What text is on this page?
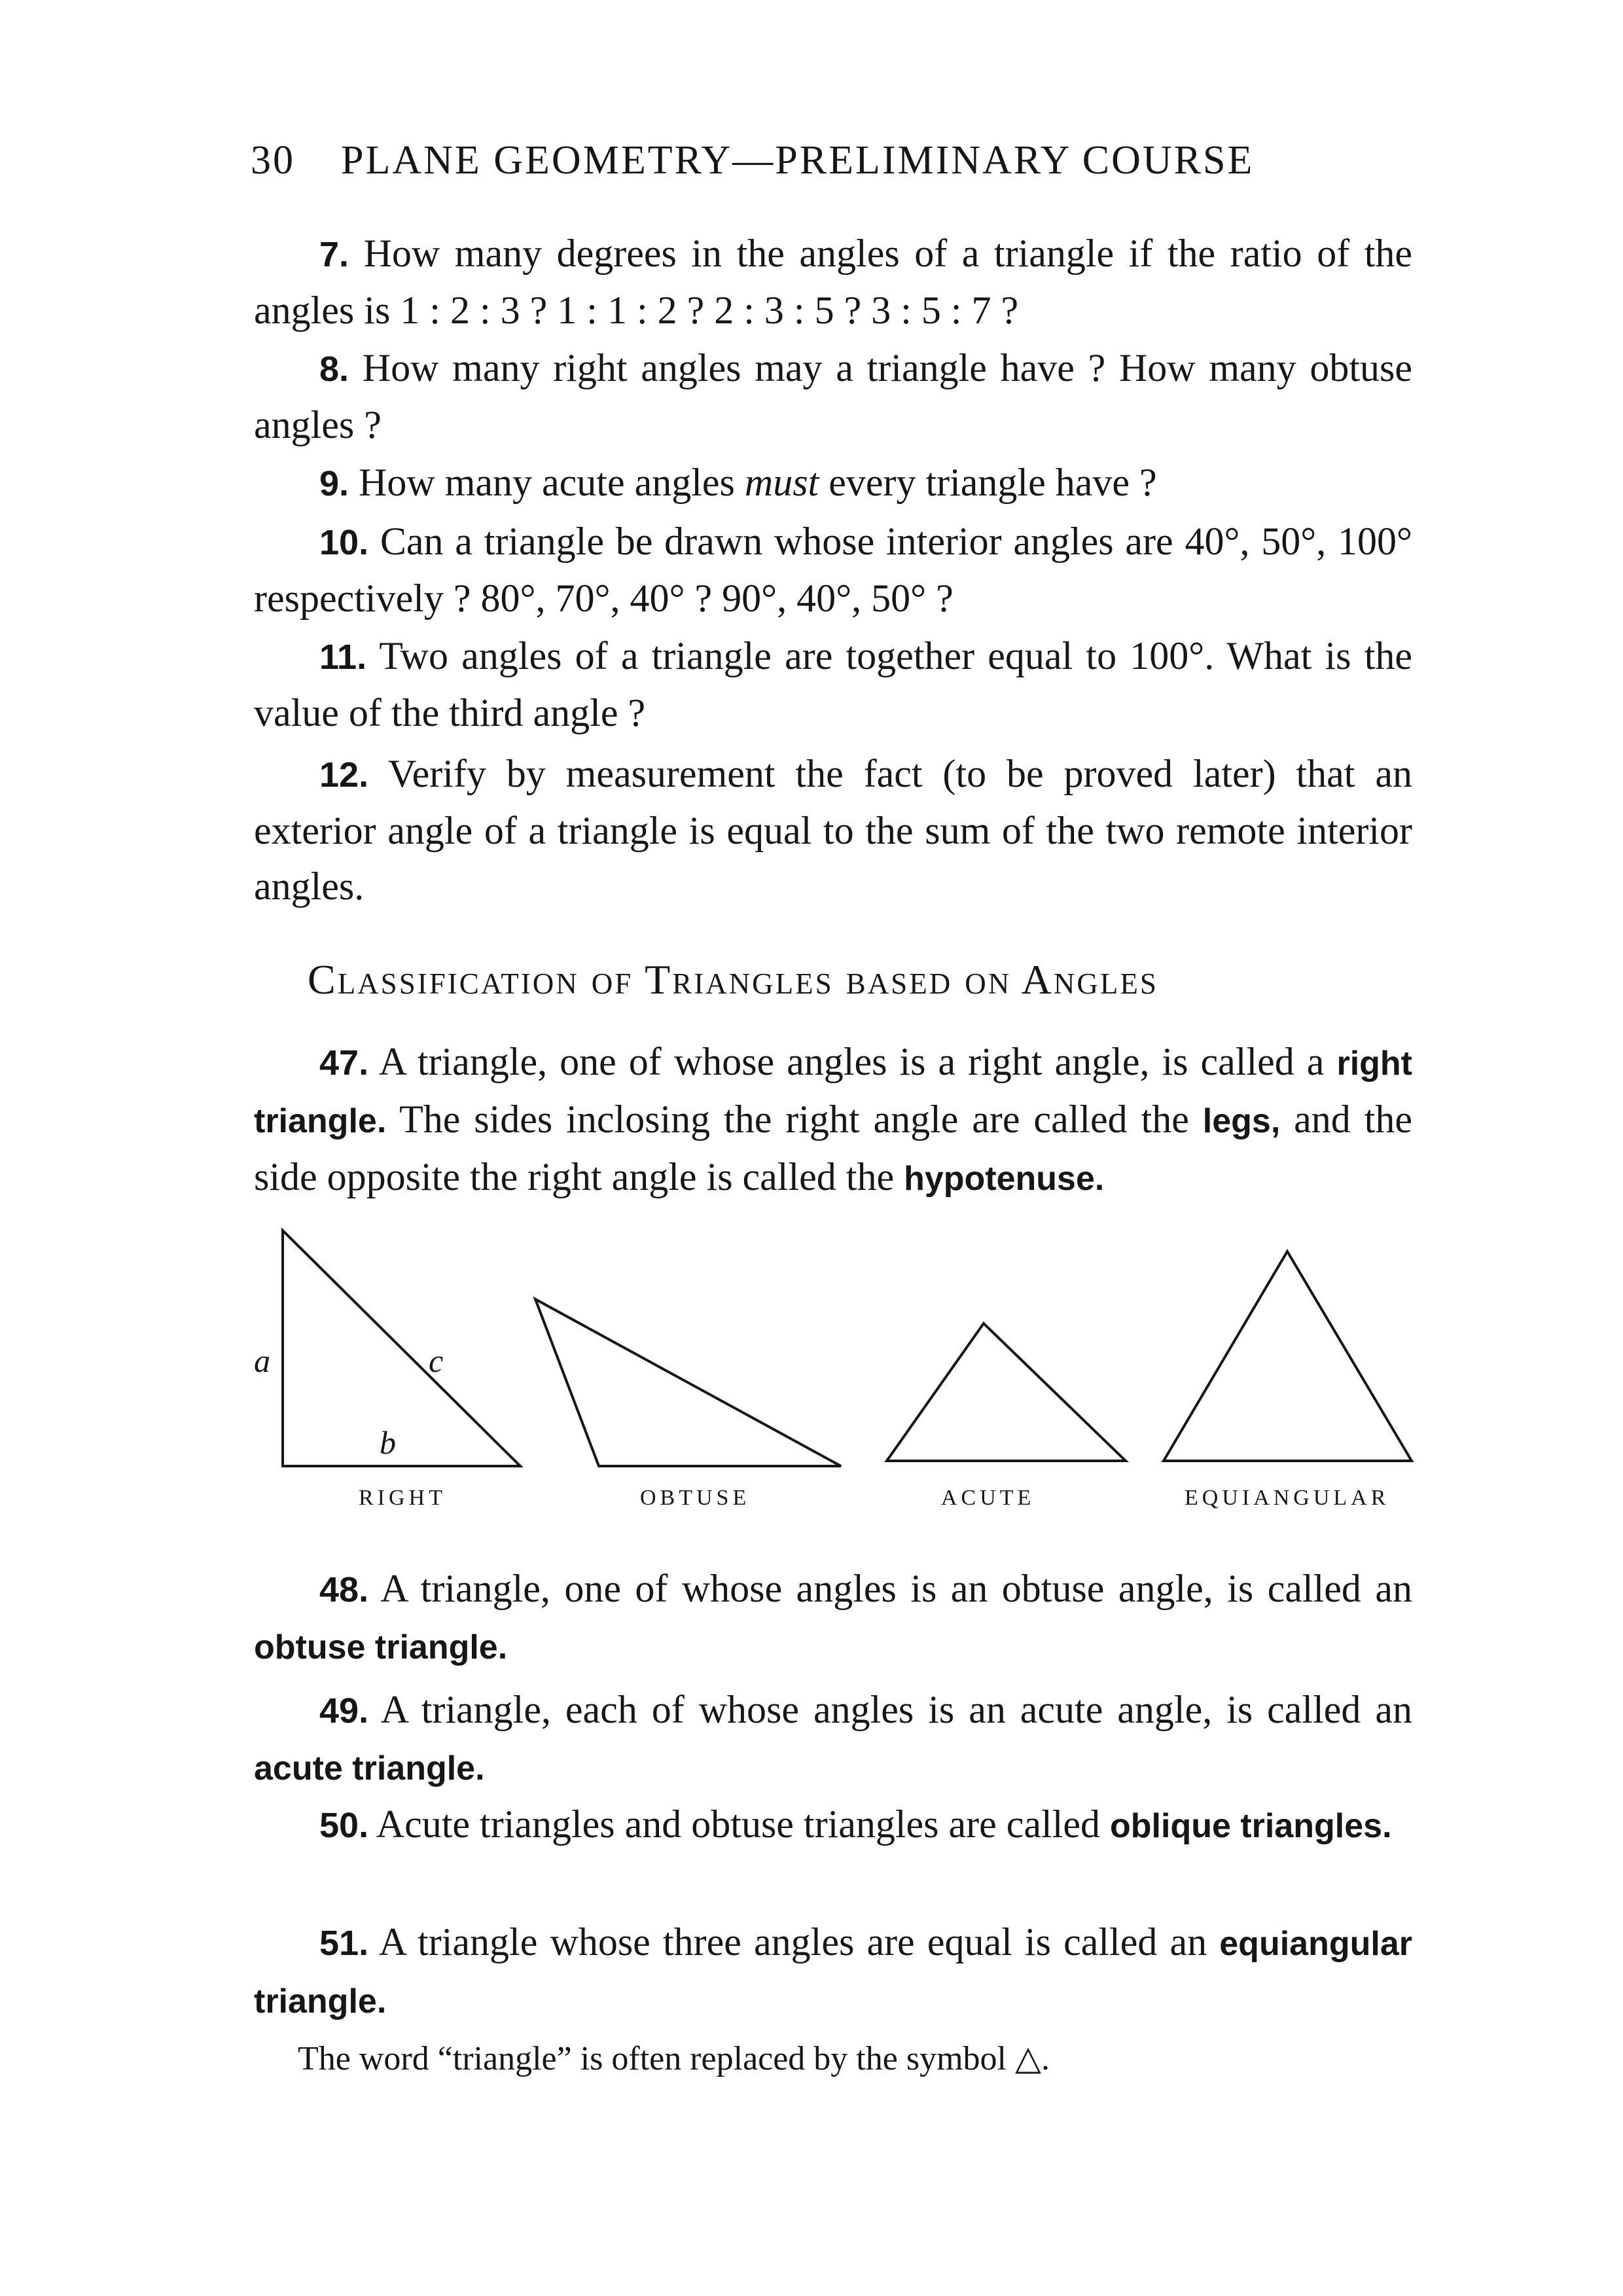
30 PLANE GEOMETRY—PRELIMINARY COURSE

7. How many degrees in the angles of a triangle if the ratio of the angles is 1 : 2 : 3 ? 1 : 1 : 2 ? 2 : 3 : 5 ? 3 : 5 : 7 ?

8. How many right angles may a triangle have ? How many obtuse angles ?

9. How many acute angles must every triangle have ?

10. Can a triangle be drawn whose interior angles are 40°, 50°, 100° respectively ? 80°, 70°, 40° ? 90°, 40°, 50° ?

11. Two angles of a triangle are together equal to 100°. What is the value of the third angle ?

12. Verify by measurement the fact (to be proved later) that an exterior angle of a triangle is equal to the sum of the two remote interior angles.

Classification of Triangles based on Angles

47. A triangle, one of whose angles is a right angle, is called a right triangle. The sides inclosing the right angle are called the legs, and the side opposite the right angle is called the hypotenuse.

a
b
c
RIGHT	OBTUSE	ACUTE	EQUIANGULAR

48. A triangle, one of whose angles is an obtuse angle, is called an obtuse triangle.

49. A triangle, each of whose angles is an acute angle, is called an acute triangle.

50. Acute triangles and obtuse triangles are called oblique triangles.

51. A triangle whose three angles are equal is called an equiangular triangle.

The word “triangle” is often replaced by the symbol △.
